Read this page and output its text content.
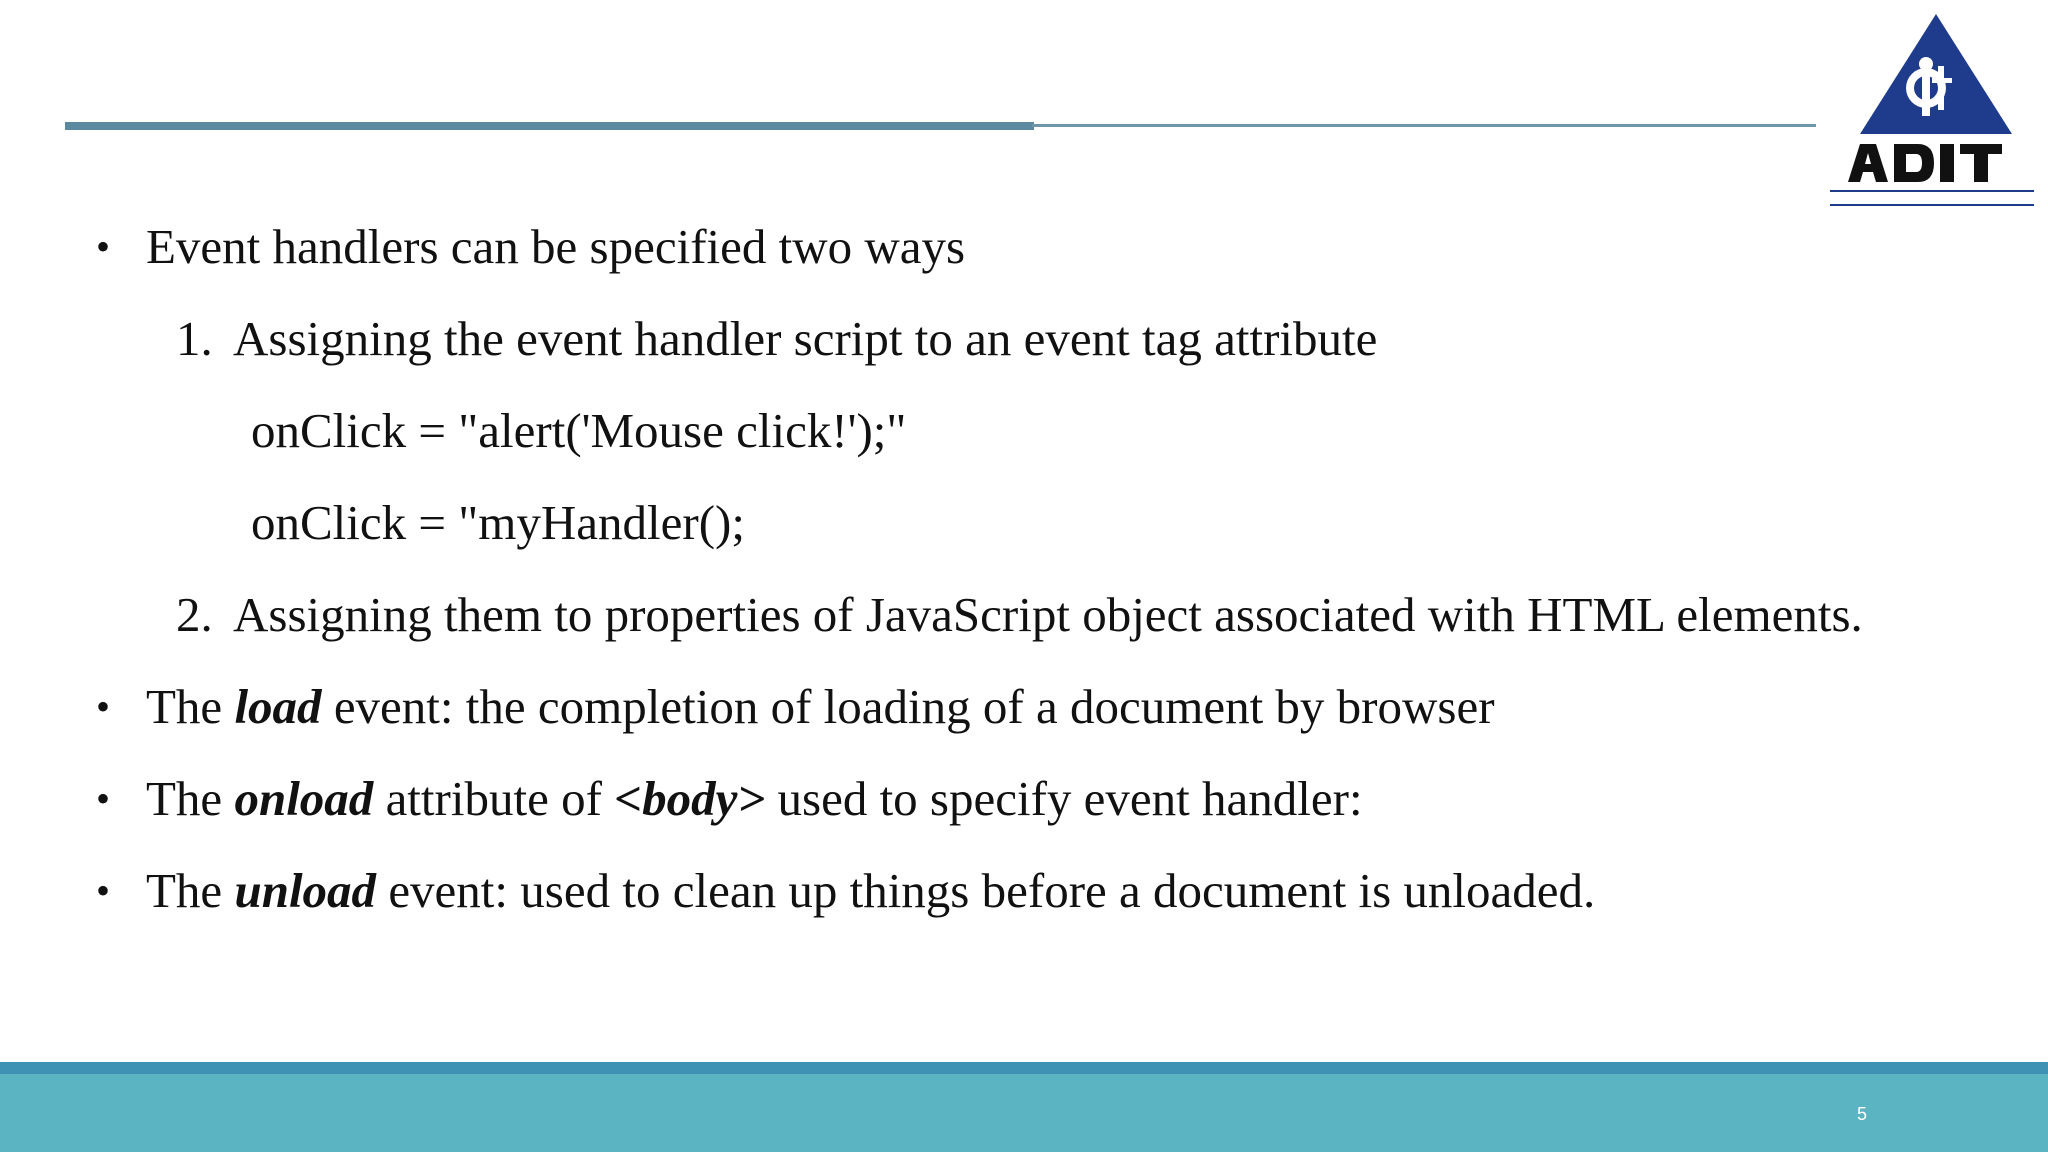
• Event handlers can be specified two ways
1. Assigning the event handler script to an event tag attribute
onClick = "alert('Mouse click!');"
onClick = "myHandler();
2. Assigning them to properties of JavaScript object associated with HTML elements.
• The load event: the completion of loading of a document by browser
• The onload attribute of <body> used to specify event handler:
• The unload event: used to clean up things before a document is unloaded.
5
